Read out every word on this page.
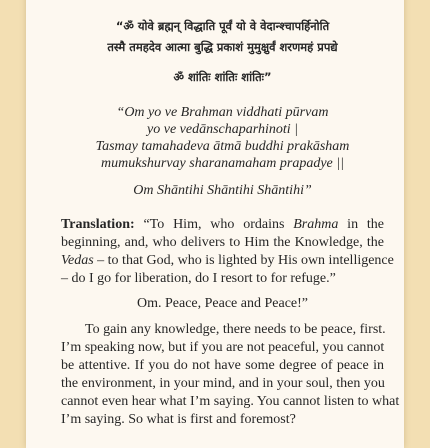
“ॐ योवे ब्रह्मन् विद्धाति पूर्वं यो वे वेदान्श्चापर्हिनोति
तस्मै तमहदेव आत्मा बुद्धि प्रकाशं मुमुक्षुर्वं शरणमहं प्रपद्ये
ॐ शांतिः शांतिः शांतिः”
“Om yo ve Brahman viddhati pūrvam
yo ve vedānschaparhinoti |
Tasmay tamahadeva ātmā buddhi prakāsham
mumukshurvay sharanamaham prapadye ||
Om Shāntihi Shāntihi Shāntihi”
Translation: “To Him, who ordains Brahma in the
beginning, and, who delivers to Him the Knowledge, the
Vedas – to that God, who is lighted by His own intelligence
– do I go for liberation, do I resort to for refuge.”
Om. Peace, Peace and Peace!”
To gain any knowledge, there needs to be peace, first.
I’m speaking now, but if you are not peaceful, you cannot
be attentive. If you do not have some degree of peace in
the environment, in your mind, and in your soul, then you
cannot even hear what I’m saying. You cannot listen to what
I’m saying. So what is first and foremost?
